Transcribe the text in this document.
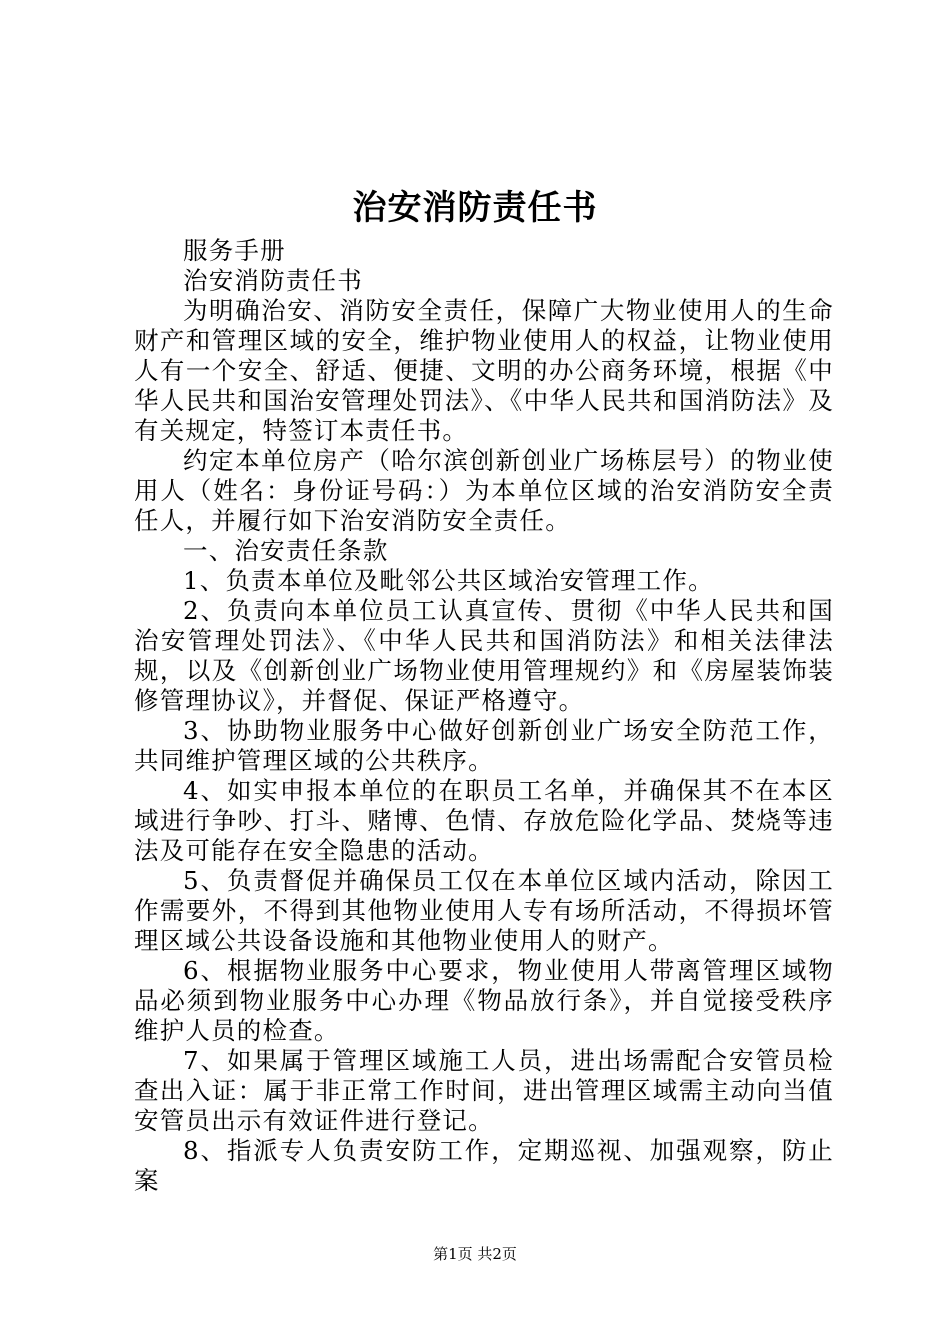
治安消防责任书

服务手册

治安消防责任书

为明确治安、消防安全责任，保障广大物业使用人的生命财产和管理区域的安全，维护物业使用人的权益，让物业使用人有一个安全、舒适、便捷、文明的办公商务环境，根据《中华人民共和国治安管理处罚法》、《中华人民共和国消防法》及有关规定，特签订本责任书。

约定本单位房产（哈尔滨创新创业广场栋层号）的物业使用人（姓名：身份证号码：）为本单位区域的治安消防安全责任人，并履行如下治安消防安全责任。

一、治安责任条款

1、负责本单位及毗邻公共区域治安管理工作。

2、负责向本单位员工认真宣传、贯彻《中华人民共和国治安管理处罚法》、《中华人民共和国消防法》和相关法律法规，以及《创新创业广场物业使用管理规约》和《房屋装饰装修管理协议》，并督促、保证严格遵守。

3、协助物业服务中心做好创新创业广场安全防范工作，共同维护管理区域的公共秩序。

4、如实申报本单位的在职员工名单，并确保其不在本区域进行争吵、打斗、赌博、色情、存放危险化学品、焚烧等违法及可能存在安全隐患的活动。

5、负责督促并确保员工仅在本单位区域内活动，除因工作需要外，不得到其他物业使用人专有场所活动，不得损坏管理区域公共设备设施和其他物业使用人的财产。

6、根据物业服务中心要求，物业使用人带离管理区域物品必须到物业服务中心办理《物品放行条》，并自觉接受秩序维护人员的检查。

7、如果属于管理区域施工人员，进出场需配合安管员检查出入证：属于非正常工作时间，进出管理区域需主动向当值安管员出示有效证件进行登记。

8、指派专人负责安防工作，定期巡视、加强观察，防止案

第1页 共2页
